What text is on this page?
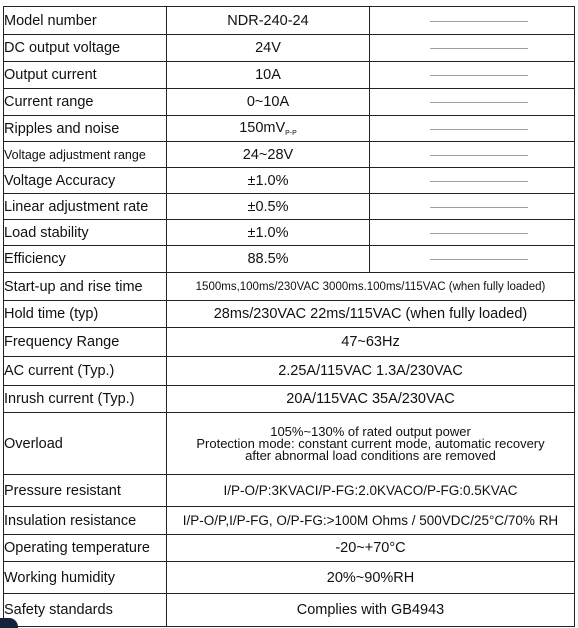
Model number	NDR-240-24	

DC output voltage	24V	

Output current	10A	

Current range	0~10A	

Ripples and noise	$150mV_{P-P}$	

Voltage adjustment range	24~28V	

Voltage Accuracy	±1.0%	

Linear adjustment rate	±0.5%	

Load stability	±1.0%	

Efficiency	88.5%	

Start-up and rise time	1500ms,100ms/230VAC 3000ms.100ms/115VAC (when fully loaded)	
Hold time (typ)	28ms/230VAC 22ms/115VAC (when fully loaded)	
Frequency Range	47~63Hz	
AC current (Typ.)	2.25A/115VAC 1.3A/230VAC	
Inrush current (Typ.)	20A/115VAC 35A/230VAC	
Overload	105%~130% of rated output power
Protection mode: constant current mode, automatic recovery
after abnormal load conditions are removed	

Pressure resistant	I/P-O/P:3KVACI/P-FG:2.0KVACO/P-FG:0.5KVAC	
Insulation resistance	I/P-O/P,I/P-FG, O/P-FG:>100M Ohms / 500VDC/25°C/70% RH	
Operating temperature	-20~+70°C	
Working humidity	20%~90%RH	
Safety standards	Complies with GB4943	
